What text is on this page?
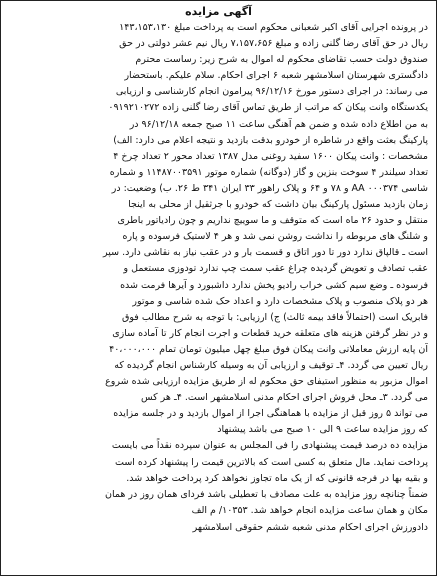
آگهی مزایده
در پرونده اجرایی آقای اکبر شعبانی محکوم است به پرداخت مبلغ ۱۴۳،۱۵۳،۱۳۰
ریال در حق آقای رضا گلنی زاده و مبلغ ۷،۱۵۷،۶۵۶ ریال نیم عشر دولتی در حق
صندوق دولت حسب تقاضای محکوم له اموال به شرح زیر: رساست محترم
دادگستری شهرستان اسلامشهر شعبه ۶ اجرای احکام. سلام علیکم. باستحضار
می رساند: در اجرای دستور مورخ ۹۶/۱۲/۱۶ پیرامون انجام کارشناسی و ارزیابی
یکدستگاه وانت پیکان که مراتب از طریق تماس آقای رضا گلنی زاده ۰۹۱۹۲۱۰۲۷۲
به من اطلاع داده شده و ضمن هم آهنگی ساعت ۱۱ صبح جمعه ۹۶/۱۲/۱۸ در
پارکینگ بعثت واقع در شاطره از خودرو بدقت بازدید و نتیجه اعلام می دارد: الف)
مشخصات : وانت پیکان ۱۶۰۰ سفید روغنی مدل ۱۳۸۷ تعداد محور ۲ تعداد چرخ ۴
تعداد سیلندر ۴ سوخت بنزین و گاز (دوگانه) شماره موتور ۱۱۴۸۷۰۰۳۵۹۱ و شماره
شاسی ۰۰۰۳۷۴ AA و ۷۸ و ۶۴ و پلاک راهور ۳۳ ایران ۳۴۱ ط ۲۶. ب) وضعیت: در
زمان بازدید مسئول پارکینگ بیان داشت که خودرو با جرثقیل از محلی به اینجا
منتقل و حدود ۲۶ ماه است که متوقف و ما سوییچ نداریم و چون رادیاتور باطری
و شلنگ های مربوطه را نداشت روشن نمی شد و هر ۴ لاستیک فرسوده و پاره
است ـ قالپاق ندارد دور تا دور اتاق و قسمت بار و در عقب نیاز به نقاشی دارد. سپر
عقب تصادف و تعویض گردیده چراغ عقب سمت چپ ندارد تودوزی مستعمل و
فرسوده ـ وضع سیم کشی خراب رادیو پخش ندارد داشبورد و آیرها فرمت شده
هر دو پلاک منصوب و پلاک مشخصات دارد و اعداد حک شده شاسی و موتور
فابریک است (احتمالاً فاقد بیمه ثالث) ج) ارزیابی: با توجه به شرح مطالب فوق
و در نظر گرفتن هزینه های متعلقه خرید قطعات و اجرت انجام کار تا آماده سازی
آن پایه ارزش معاملاتی وانت پیکان فوق مبلغ چهل میلیون تومان تمام ۴۰،۰۰۰،۰۰۰
ریال تعیین می گردد. ۴ـ توقیف و ارزیابی آن به وسیله کارشناس انجام گردیده که
اموال مزبور به منظور استیفای حق محکوم له از طریق مزایده ارزیابی شده شروع
می گردد. ۳ـ محل فروش اجرای احکام مدنی اسلامشهر است. ۴ـ هر کس
می تواند ۵ روز قبل از مزایده با هماهنگی اجرا از اموال بازدید و در جلسه مزایده
که روز مزایده ساعت ۹ الی ۱۰ صبح می باشد پیشنهاد
مزایده ده درصد قیمت پیشنهادی را فی المجلس به عنوان سپرده نقداً می بایست
پرداخت نماید. مال متعلق به کسی است که بالاترین قیمت را پیشنهاد کرده است
و بقیه بها در فرجه قانونی که از یک ماه تجاوز نخواهد کرد پرداخت خواهد شد.
ضمناً چنانچه روز مزایده به علت مصادف با تعطیلی باشد فردای همان روز در همان
مکان و همان ساعت مزایده انجام خواهد شد. ۱۰۳۵۳/ م الف
دادورزش اجرای احکام مدنی شعبه ششم حقوقی اسلامشهر
